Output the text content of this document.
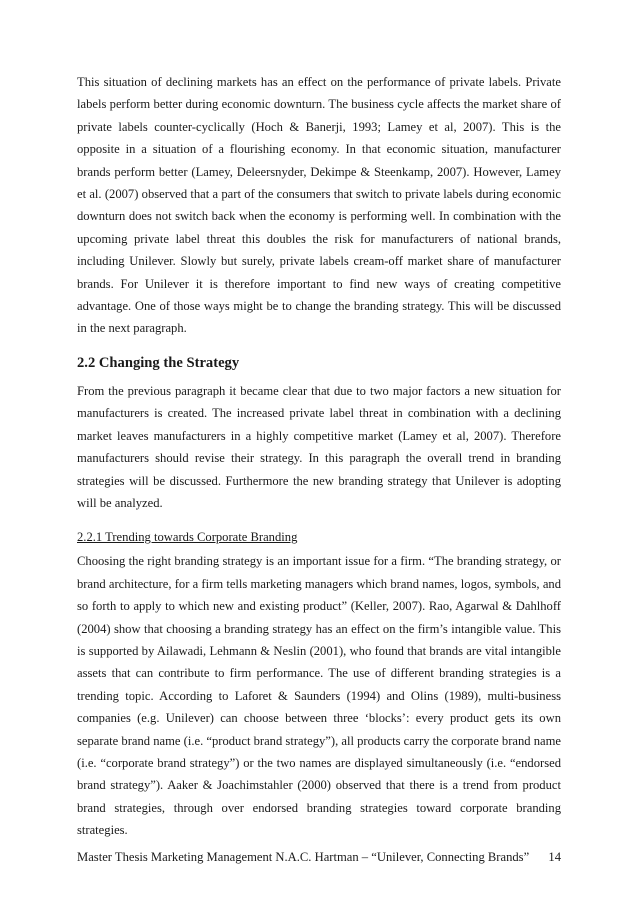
This situation of declining markets has an effect on the performance of private labels. Private labels perform better during economic downturn. The business cycle affects the market share of private labels counter-cyclically (Hoch & Banerji, 1993; Lamey et al, 2007). This is the opposite in a situation of a flourishing economy. In that economic situation, manufacturer brands perform better (Lamey, Deleersnyder, Dekimpe & Steenkamp, 2007). However, Lamey et al. (2007) observed that a part of the consumers that switch to private labels during economic downturn does not switch back when the economy is performing well. In combination with the upcoming private label threat this doubles the risk for manufacturers of national brands, including Unilever. Slowly but surely, private labels cream-off market share of manufacturer brands. For Unilever it is therefore important to find new ways of creating competitive advantage. One of those ways might be to change the branding strategy. This will be discussed in the next paragraph.

2.2 Changing the Strategy

From the previous paragraph it became clear that due to two major factors a new situation for manufacturers is created. The increased private label threat in combination with a declining market leaves manufacturers in a highly competitive market (Lamey et al, 2007). Therefore manufacturers should revise their strategy. In this paragraph the overall trend in branding strategies will be discussed. Furthermore the new branding strategy that Unilever is adopting will be analyzed.

2.2.1 Trending towards Corporate Branding

Choosing the right branding strategy is an important issue for a firm. “The branding strategy, or brand architecture, for a firm tells marketing managers which brand names, logos, symbols, and so forth to apply to which new and existing product” (Keller, 2007). Rao, Agarwal & Dahlhoff (2004) show that choosing a branding strategy has an effect on the firm’s intangible value. This is supported by Ailawadi, Lehmann & Neslin (2001), who found that brands are vital intangible assets that can contribute to firm performance. The use of different branding strategies is a trending topic. According to Laforet & Saunders (1994) and Olins (1989), multi-business companies (e.g. Unilever) can choose between three ‘blocks’: every product gets its own separate brand name (i.e. “product brand strategy”), all products carry the corporate brand name (i.e. “corporate brand strategy”) or the two names are displayed simultaneously (i.e. “endorsed brand strategy”). Aaker & Joachimstahler (2000) observed that there is a trend from product brand strategies, through over endorsed branding strategies toward corporate branding strategies.

Master Thesis Marketing Management N.A.C. Hartman – “Unilever, Connecting Brands” 14
